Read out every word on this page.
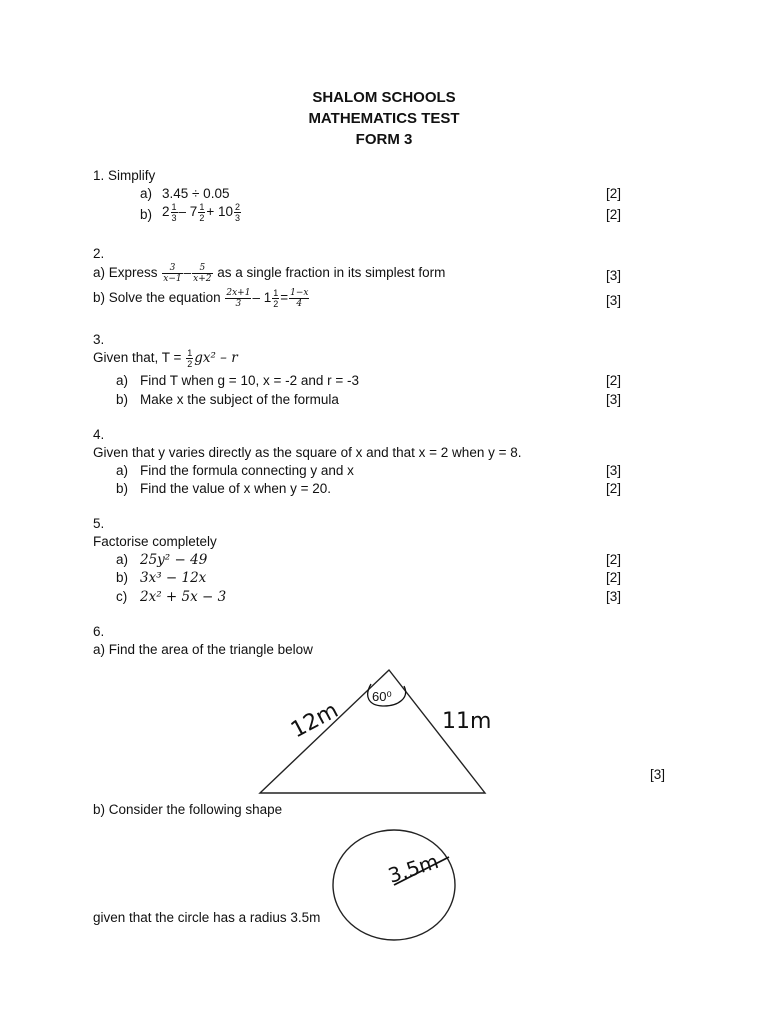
SHALOM SCHOOLS
MATHEMATICS TEST
FORM 3
1. Simplify
a) 3.45 ÷ 0.05	[2]
b) $2 \frac{1}{3} - 7 \frac{1}{2} + 10 \frac{2}{3}$	[2]
2.
a) Express $\frac{3}{x-1} - \frac{5}{x+2}$ as a single fraction in its simplest form	[3]
b) Solve the equation $\frac{2x+1}{3} - 1 \frac{1}{2} = \frac{1-x}{4}$	[3]
3.
Given that, $T = \frac{1}{2} gx^2 - r$
a) Find T when g = 10, x = -2 and r = -3	[2]
b) Make x the subject of the formula	[3]
4.
Given that y varies directly as the square of x and that x = 2 when y = 8.
a) Find the formula connecting y and x	[3]
b) Find the value of x when y = 20.	[2]
5.
Factorise completely
a) 25y² − 49	[2]
b) 3x³ − 12x	[2]
c) 2x² + 5x − 3	[3]
6.
a) Find the area of the triangle below
60⁰
12m	11m
[3]
b) Consider the following shape
3.5m
given that the circle has a radius 3.5m
